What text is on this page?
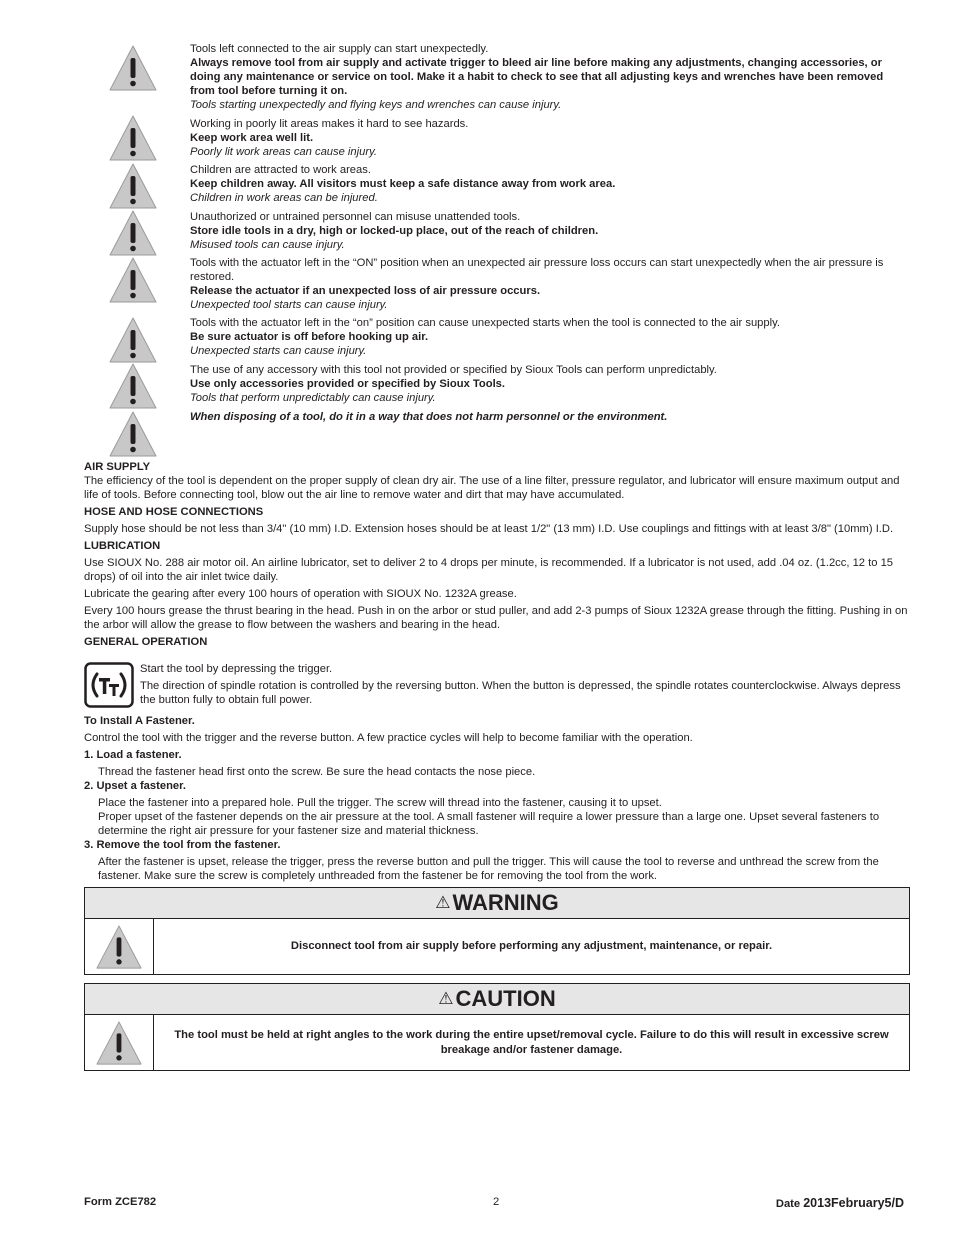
Tools left connected to the air supply can start unexpectedly.

Always remove tool from air supply and activate trigger to bleed air line before making any adjustments, changing accessories, or doing any maintenance or service on tool. Make it a habit to check to see that all adjusting keys and wrenches have been removed from tool before turning it on.

Tools starting unexpectedly and flying keys and wrenches can cause injury.

Working in poorly lit areas makes it hard to see hazards.

Keep work area well lit.

Poorly lit work areas can cause injury.

Children are attracted to work areas.

Keep children away. All visitors must keep a safe distance away from work area.

Children in work areas can be injured.

Unauthorized or untrained personnel can misuse unattended tools.

Store idle tools in a dry, high or locked-up place, out of the reach of children.

Misused tools can cause injury.

Tools with the actuator left in the “ON” position when an unexpected air pressure loss occurs can start unexpectedly when the air pressure is restored.

Release the actuator if an unexpected loss of air pressure occurs.

Unexpected tool starts can cause injury.

Tools with the actuator left in the “on” position can cause unexpected starts when the tool is connected to the air supply.

Be sure actuator is off before hooking up air.

Unexpected starts can cause injury.

The use of any accessory with this tool not provided or specified by Sioux Tools can perform unpredictably.

Use only accessories provided or specified by Sioux Tools.

Tools that perform unpredictably can cause injury.

When disposing of a tool, do it in a way that does not harm personnel or the environment.

AIR SUPPLY

The efficiency of the tool is dependent on the proper supply of clean dry air. The use of a line filter, pressure regulator, and lubricator will ensure maximum output and life of tools. Before connecting tool, blow out the air line to remove water and dirt that may have accumulated.

HOSE AND HOSE CONNECTIONS

Supply hose should be not less than 3/4" (10 mm) I.D. Extension hoses should be at least 1/2" (13 mm) I.D. Use couplings and fittings with at least 3/8" (10mm) I.D.

LUBRICATION

Use SIOUX No. 288 air motor oil. An airline lubricator, set to deliver 2 to 4 drops per minute, is recommended. If a lubricator is not used, add .04 oz. (1.2cc, 12 to 15 drops) of oil into the air inlet twice daily.

Lubricate the gearing after every 100 hours of operation with SIOUX No. 1232A grease.

Every 100 hours grease the thrust bearing in the head. Push in on the arbor or stud puller, and add 2-3 pumps of Sioux 1232A grease through the fitting. Pushing in on the arbor will allow the grease to flow between the washers and bearing in the head.

GENERAL OPERATION

Start the tool by depressing the trigger.

The direction of spindle rotation is controlled by the reversing button. When the button is depressed, the spindle rotates counterclockwise. Always depress the button fully to obtain full power.

To Install A Fastener.

Control the tool with the trigger and the reverse button. A few practice cycles will help to become familiar with the operation.

1. Load a fastener.

Thread the fastener head first onto the screw. Be sure the head contacts the nose piece.

2. Upset a fastener.

Place the fastener into a prepared hole. Pull the trigger. The screw will thread into the fastener, causing it to upset.

Proper upset of the fastener depends on the air pressure at the tool. A small fastener will require a lower pressure than a large one. Upset several fasteners to determine the right air pressure for your fastener size and material thickness.

3. Remove the tool from the fastener.

After the fastener is upset, release the trigger, press the reverse button and pull the trigger. This will cause the tool to reverse and unthread the screw from the fastener. Make sure the screw is completely unthreaded from the fastener be for removing the tool from the work.

⚠ WARNING
Disconnect tool from air supply before performing any adjustment, maintenance, or repair.
⚠ CAUTION
The tool must be held at right angles to the work during the entire upset/removal cycle. Failure to do this will result in excessive screw breakage and/or fastener damage.
Form ZCE782	2	Date 2013February5/D
